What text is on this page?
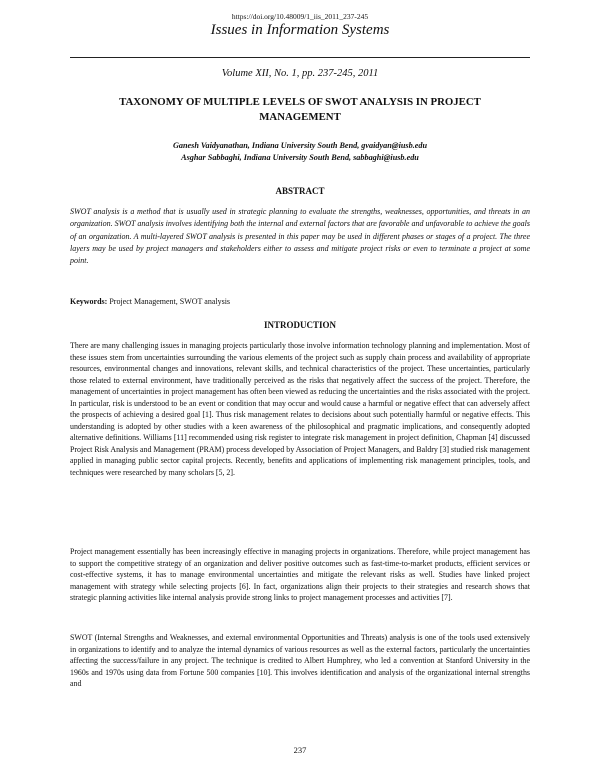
https://doi.org/10.48009/1_iis_2011_237-245
Issues in Information Systems
Volume XII, No. 1, pp. 237-245, 2011
TAXONOMY OF MULTIPLE LEVELS OF SWOT ANALYSIS IN PROJECT MANAGEMENT
Ganesh Vaidyanathan, Indiana University South Bend, gvaidyan@iusb.edu
Asghar Sabbaghi, Indiana University South Bend, sabbaghi@iusb.edu
ABSTRACT
SWOT analysis is a method that is usually used in strategic planning to evaluate the strengths, weaknesses, opportunities, and threats in an organization. SWOT analysis involves identifying both the internal and external factors that are favorable and unfavorable to achieve the goals of an organization. A multi-layered SWOT analysis is presented in this paper may be used in different phases or stages of a project. The three layers may be used by project managers and stakeholders either to assess and mitigate project risks or even to terminate a project at some point.
Keywords: Project Management, SWOT analysis
INTRODUCTION
There are many challenging issues in managing projects particularly those involve information technology planning and implementation. Most of these issues stem from uncertainties surrounding the various elements of the project such as supply chain process and availability of appropriate resources, environmental changes and innovations, relevant skills, and technical characteristics of the project. These uncertainties, particularly those related to external environment, have traditionally perceived as the risks that negatively affect the success of the project. Therefore, the management of uncertainties in project management has often been viewed as reducing the uncertainties and the risks associated with the project. In particular, risk is understood to be an event or condition that may occur and would cause a harmful or negative effect that can adversely affect the prospects of achieving a desired goal [1]. Thus risk management relates to decisions about such potentially harmful or negative effects. This understanding is adopted by other studies with a keen awareness of the philosophical and pragmatic implications, and consequently adopted alternative definitions. Williams [11] recommended using risk register to integrate risk management in project definition, Chapman [4] discussed Project Risk Analysis and Management (PRAM) process developed by Association of Project Managers, and Baldry [3] studied risk management applied in managing public sector capital projects. Recently, benefits and applications of implementing risk management principles, tools, and techniques were researched by many scholars [5, 2].
Project management essentially has been increasingly effective in managing projects in organizations. Therefore, while project management has to support the competitive strategy of an organization and deliver positive outcomes such as fast-time-to-market products, efficient services or cost-effective systems, it has to manage environmental uncertainties and mitigate the relevant risks as well. Studies have linked project management with strategy while selecting projects [6]. In fact, organizations align their projects to their strategies and research shows that strategic planning activities like internal analysis provide strong links to project management processes and activities [7].
SWOT (Internal Strengths and Weaknesses, and external environmental Opportunities and Threats) analysis is one of the tools used extensively in organizations to identify and to analyze the internal dynamics of various resources as well as the external factors, particularly the uncertainties affecting the success/failure in any project. The technique is credited to Albert Humphrey, who led a convention at Stanford University in the 1960s and 1970s using data from Fortune 500 companies [10]. This involves identification and analysis of the organizational internal strengths and
237
